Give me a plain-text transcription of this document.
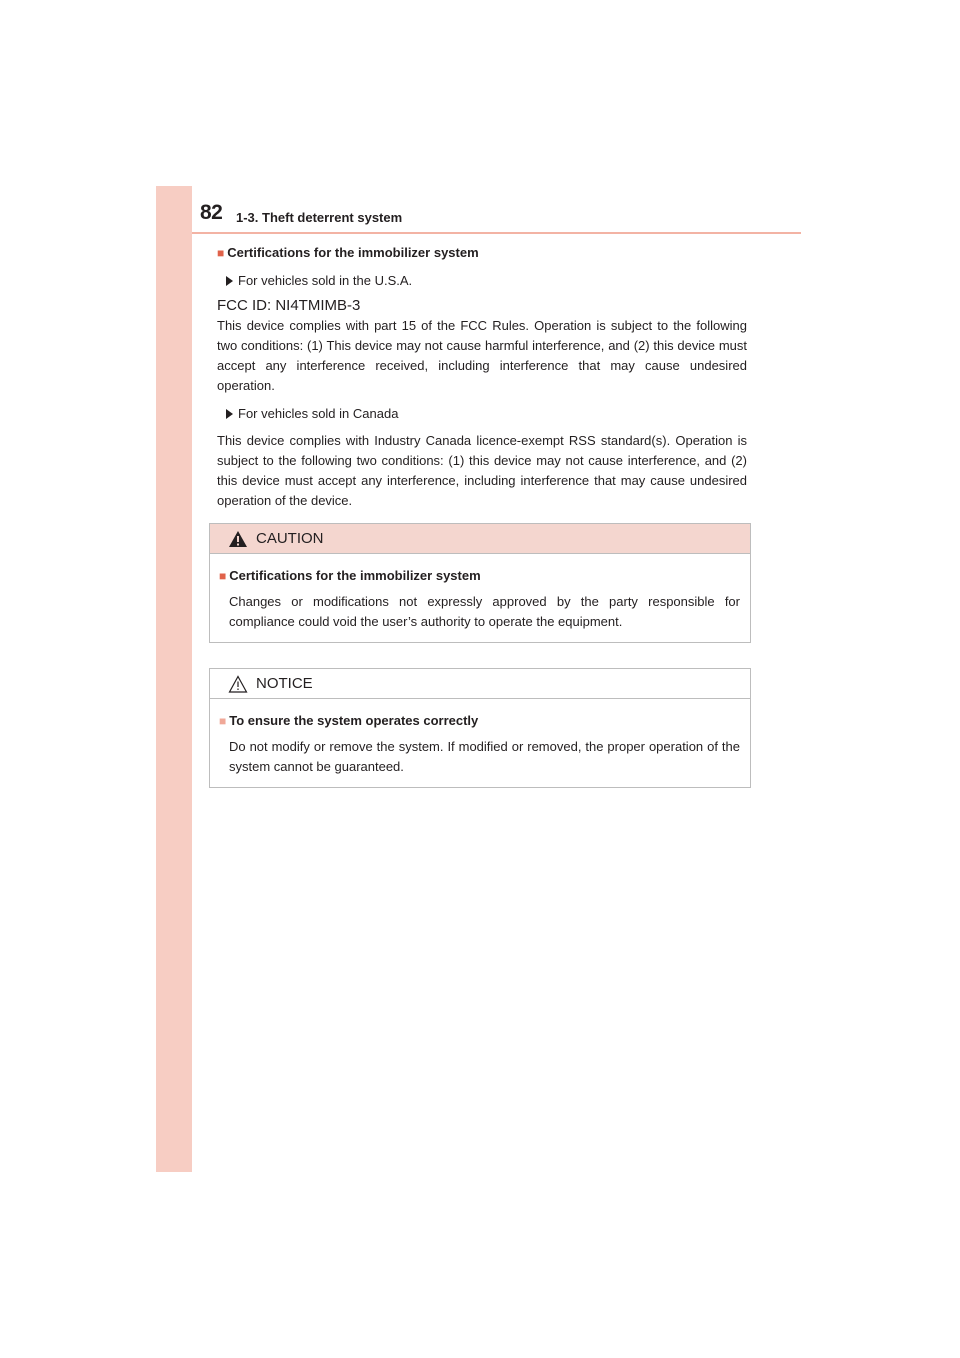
82 1-3. Theft deterrent system

■ Certifications for the immobilizer system

For vehicles sold in the U.S.A.

FCC ID: NI4TMIMB-3

This device complies with part 15 of the FCC Rules. Operation is subject to the following two conditions: (1) This device may not cause harmful interference, and (2) this device must accept any interference received, including interference that may cause undesired operation.

For vehicles sold in Canada

This device complies with Industry Canada licence-exempt RSS standard(s). Operation is subject to the following two conditions: (1) this device may not cause interference, and (2) this device must accept any interference, including interference that may cause undesired operation of the device.

CAUTION

■ Certifications for the immobilizer system

Changes or modifications not expressly approved by the party responsible for compliance could void the user’s authority to operate the equipment.

NOTICE

■ To ensure the system operates correctly

Do not modify or remove the system. If modified or removed, the proper operation of the system cannot be guaranteed.
